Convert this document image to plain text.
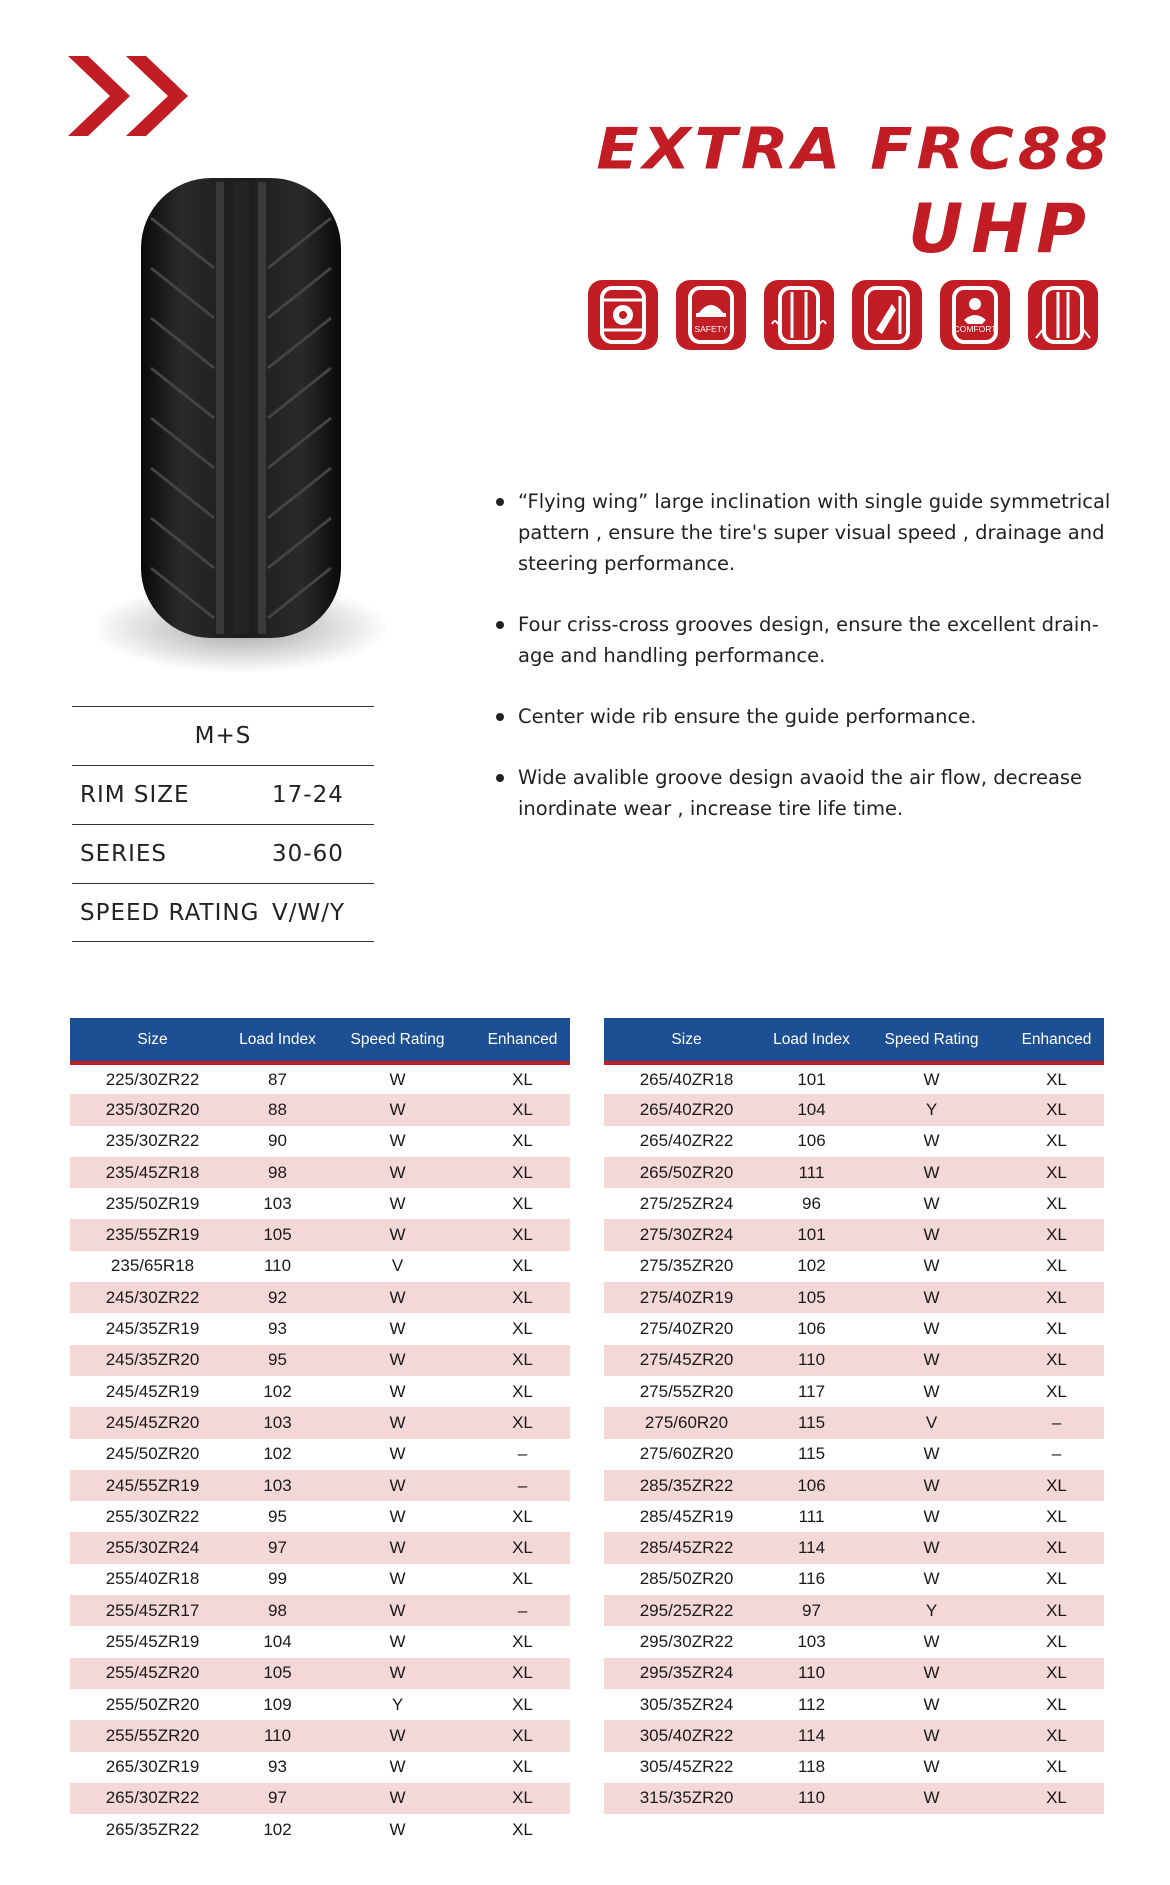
EXTRA FRC88
UHP
SAFETY	COMFORT
M+S
RIM SIZE	17-24
SERIES	30-60
SPEED RATING V/W/Y
“Flying wing” large inclination with single guide symmetrical pattern , ensure the tire's super visual speed , drainage and steering performance.
Four criss-cross grooves design, ensure the excellent drain-age and handling performance.
Center wide rib ensure the guide performance.
Wide avalible groove design avaoid the air flow, decrease inordinate wear , increase tire life time.
Size	Load Index	Speed Rating	Enhanced
225/30ZR22	87	W	XL
235/30ZR20	88	W	XL
235/30ZR22	90	W	XL
235/45ZR18	98	W	XL
235/50ZR19	103	W	XL
235/55ZR19	105	W	XL
235/65R18	110	V	XL
245/30ZR22	92	W	XL
245/35ZR19	93	W	XL
245/35ZR20	95	W	XL
245/45ZR19	102	W	XL
245/45ZR20	103	W	XL
245/50ZR20	102	W	–
245/55ZR19	103	W	–
255/30ZR22	95	W	XL
255/30ZR24	97	W	XL
255/40ZR18	99	W	XL
255/45ZR17	98	W	–
255/45ZR19	104	W	XL
255/45ZR20	105	W	XL
255/50ZR20	109	Y	XL
255/55ZR20	110	W	XL
265/30ZR19	93	W	XL
265/30ZR22	97	W	XL
265/35ZR22	102	W	XL
Size	Load Index	Speed Rating	Enhanced
265/40ZR18	101	W	XL
265/40ZR20	104	Y	XL
265/40ZR22	106	W	XL
265/50ZR20	111	W	XL
275/25ZR24	96	W	XL
275/30ZR24	101	W	XL
275/35ZR20	102	W	XL
275/40ZR19	105	W	XL
275/40ZR20	106	W	XL
275/45ZR20	110	W	XL
275/55ZR20	117	W	XL
275/60R20	115	V	–
275/60ZR20	115	W	–
285/35ZR22	106	W	XL
285/45ZR19	111	W	XL
285/45ZR22	114	W	XL
285/50ZR20	116	W	XL
295/25ZR22	97	Y	XL
295/30ZR22	103	W	XL
295/35ZR24	110	W	XL
305/35ZR24	112	W	XL
305/40ZR22	114	W	XL
305/45ZR22	118	W	XL
315/35ZR20	110	W	XL
